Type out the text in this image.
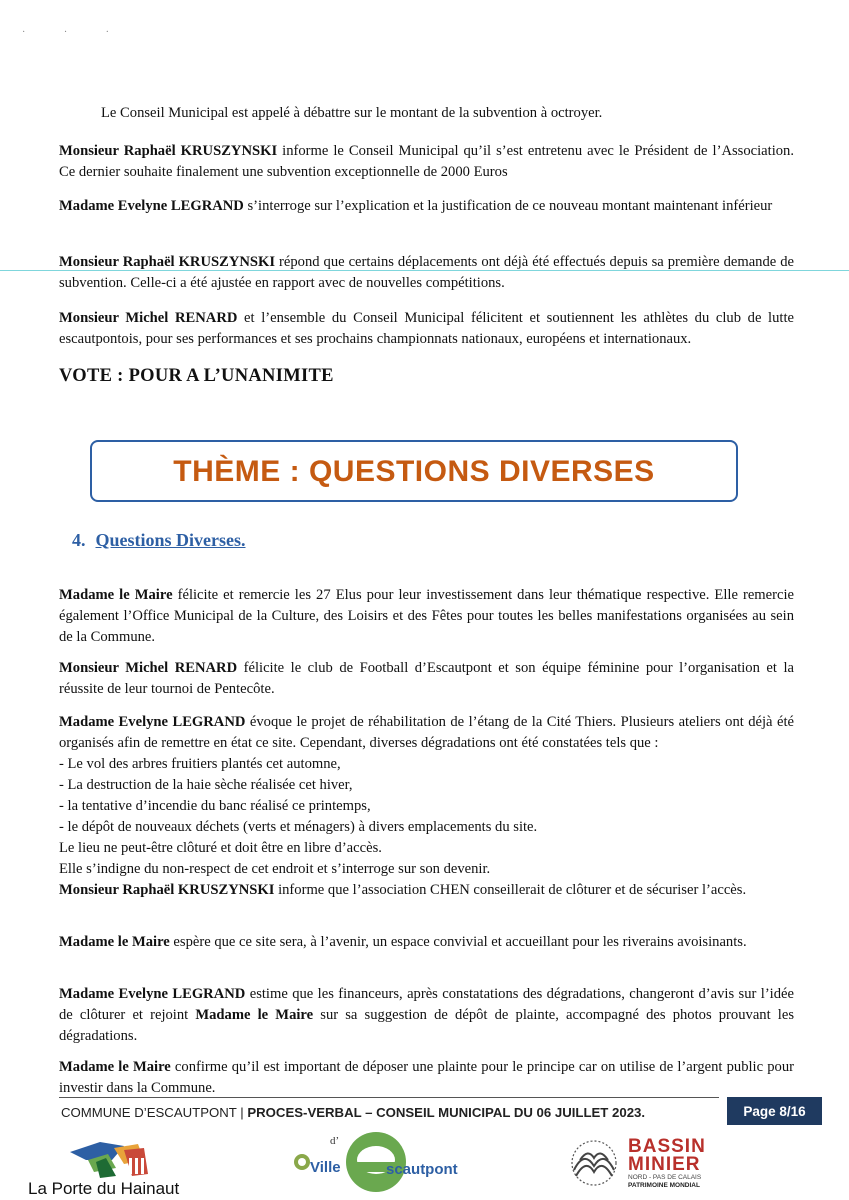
· · ·

Le Conseil Municipal est appelé à débattre sur le montant de la subvention à octroyer.

Monsieur Raphaël KRUSZYNSKI informe le Conseil Municipal qu’il s’est entretenu avec le Président de l’Association. Ce dernier souhaite finalement une subvention exceptionnelle de 2000 Euros

Madame Evelyne LEGRAND s’interroge sur l’explication et la justification de ce nouveau montant maintenant inférieur

Monsieur Raphaël KRUSZYNSKI répond que certains déplacements ont déjà été effectués depuis sa première demande de subvention. Celle-ci a été ajustée en rapport avec de nouvelles compétitions.

Monsieur Michel RENARD et l’ensemble du Conseil Municipal félicitent et soutiennent les athlètes du club de lutte escautpontois, pour ses performances et ses prochains championnats nationaux, européens et internationaux.

VOTE : POUR A L’UNANIMITE
THÈME : QUESTIONS DIVERSES
4. Questions Diverses.

Madame le Maire félicite et remercie les 27 Elus pour leur investissement dans leur thématique respective. Elle remercie également l’Office Municipal de la Culture, des Loisirs et des Fêtes pour toutes les belles manifestations organisées au sein de la Commune.

Monsieur Michel RENARD félicite le club de Football d’Escautpont et son équipe féminine pour l’organisation et la réussite de leur tournoi de Pentecôte.

Madame Evelyne LEGRAND évoque le projet de réhabilitation de l’étang de la Cité Thiers. Plusieurs ateliers ont déjà été organisés afin de remettre en état ce site. Cependant, diverses dégradations ont été constatées tels que :

- Le vol des arbres fruitiers plantés cet automne,
- La destruction de la haie sèche réalisée cet hiver,
- la tentative d’incendie du banc réalisé ce printemps,
- le dépôt de nouveaux déchets (verts et ménagers) à divers emplacements du site.
Le lieu ne peut-être clôturé et doit être en libre d’accès.
Elle s’indigne du non-respect de cet endroit et s’interroge sur son devenir.

Monsieur Raphaël KRUSZYNSKI informe que l’association CHEN conseillerait de clôturer et de sécuriser l’accès.

Madame le Maire espère que ce site sera, à l’avenir, un espace convivial et accueillant pour les riverains avoisinants.

Madame Evelyne LEGRAND estime que les financeurs, après constatations des dégradations, changeront d’avis sur l’idée de clôturer et rejoint Madame le Maire sur sa suggestion de dépôt de plainte, accompagné des photos prouvant les dégradations.

Madame le Maire confirme qu’il est important de déposer une plainte pour le principe car on utilise de l’argent public pour investir dans la Commune.

COMMUNE D’ESCAUTPONT | PROCES-VERBAL – CONSEIL MUNICIPAL DU 06 JUILLET 2023.	Page 8/16
La Porte du Hainaut
d’
Ville	scautpont
BASSIN
MINIER
NORD - PAS DE CALAIS
PATRIMOINE MONDIAL
